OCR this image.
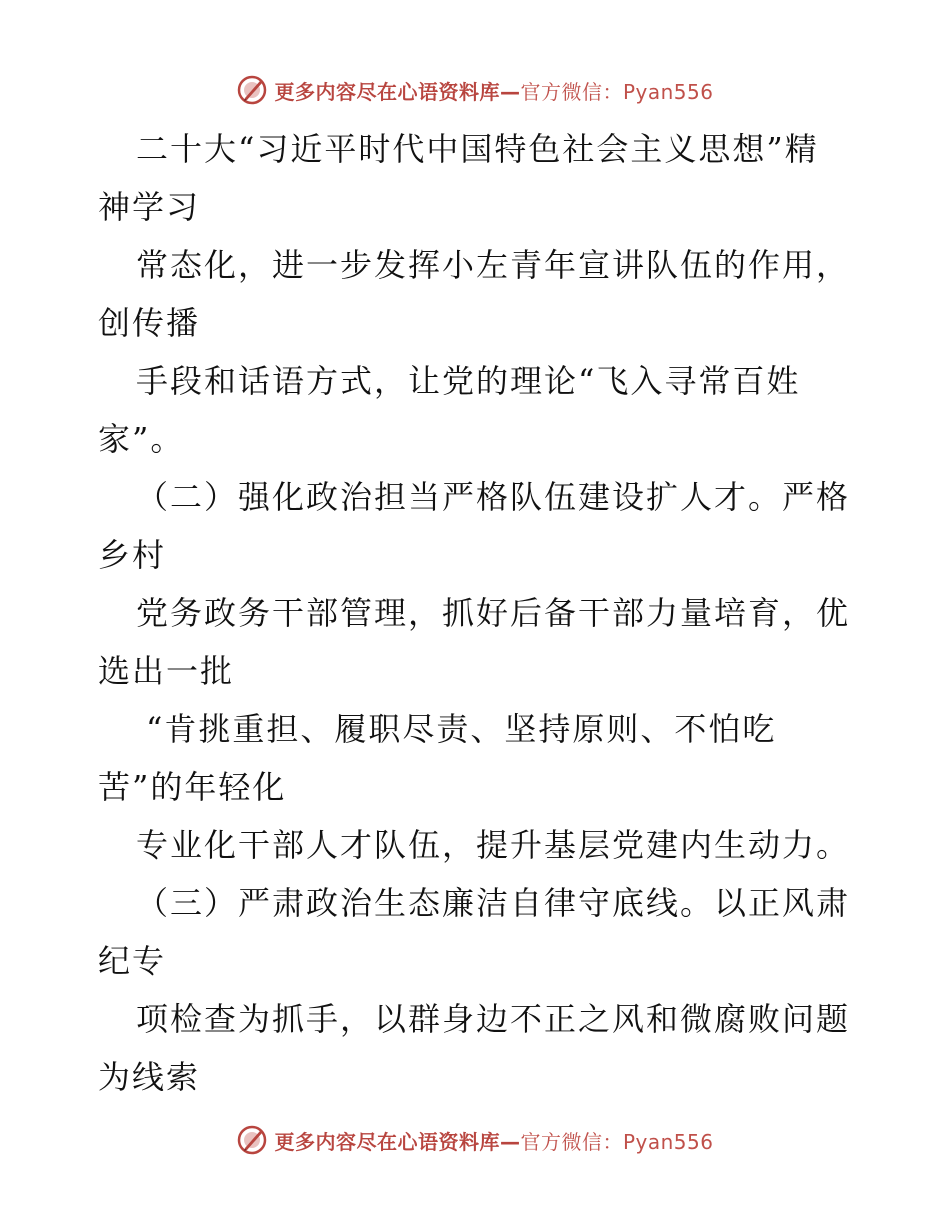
更多内容尽在心语资料库—官方微信：Pyan556
二十大“习近平时代中国特色社会主义思想”精
神学习
常态化，进一步发挥小左青年宣讲队伍的作用，
创传播
手段和话语方式，让党的理论“飞入寻常百姓
家”。
（二）强化政治担当严格队伍建设扩人才。严格
乡村
党务政务干部管理，抓好后备干部力量培育，优
选出一批
“肯挑重担、履职尽责、坚持原则、不怕吃
苦”的年轻化
专业化干部人才队伍，提升基层党建内生动力。
（三）严肃政治生态廉洁自律守底线。以正风肃
纪专
项检查为抓手，以群身边不正之风和微腐败问题
为线索
更多内容尽在心语资料库—官方微信：Pyan556
